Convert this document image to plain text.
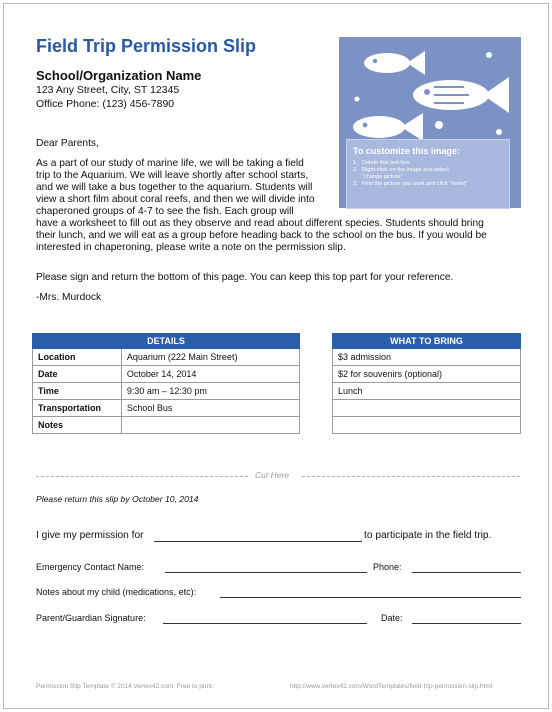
Field Trip Permission Slip
School/Organization Name
123 Any Street, City, ST 12345
Office Phone: (123) 456-7890
To customize this image:
1. Delete this text box
2. Right-click on the image and select
"change picture"
3. Find the picture you want and click "Insert"
Dear Parents,
As a part of our study of marine life, we will be taking a field
trip to the Aquarium. We will leave shortly after school starts,
and we will take a bus together to the aquarium. Students will
view a short film about coral reefs, and then we will divide into
chaperoned groups of 4-7 to see the fish. Each group will
have a worksheet to fill out as they observe and read about different species. Students should bring
their lunch, and we will eat as a group before heading back to the school on the bus. If you would be
interested in chaperoning, please write a note on the permission slip.
Please sign and return the bottom of this page. You can keep this top part for your reference.
-Mrs. Murdock
DETAILS	
Location	Aquarium (222 Main Street)
Date	October 14, 2014
Time	9:30 am – 12:30 pm
Transportation	School Bus
Notes	
WHAT TO BRING
$3 admission
$2 for souvenirs (optional)
Lunch

Cut Here
Please return this slip by October 10, 2014
I give my permission for	to participate in the field trip.
Emergency Contact Name:	Phone:
Notes about my child (medications, etc):
Parent/Guardian Signature:	Date:
Permission Slip Template © 2014 Vertex42.com. Free to print.	http://www.vertex42.com/WordTemplates/field-trip-permission-slip.html
